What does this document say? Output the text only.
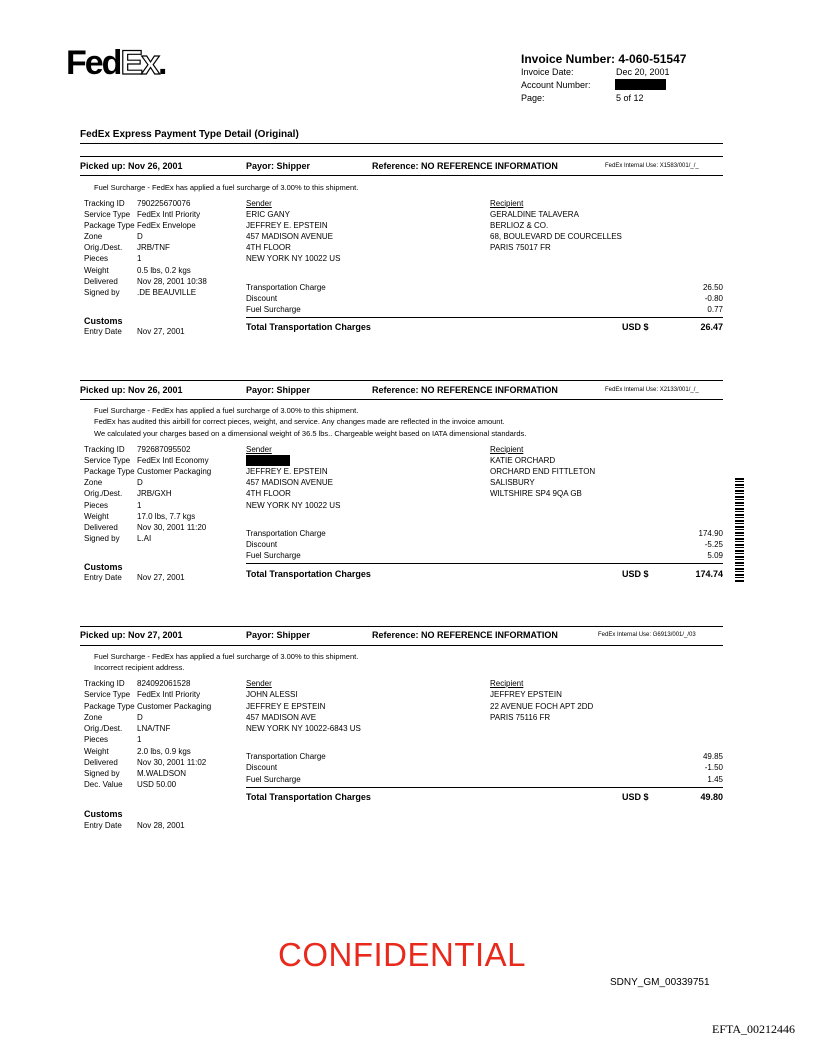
FedEx.	Invoice Number: 4-060-51547
Invoice Date:	Dec 20, 2001
Account Number:
Page:	5 of 12
FedEx Express Payment Type Detail (Original)
Picked up: Nov 26, 2001	Payor: Shipper	Reference: NO REFERENCE INFORMATION	FedEx Internal Use: X1583/001/_/_
Fuel Surcharge - FedEx has applied a fuel surcharge of 3.00% to this shipment.
Tracking ID 790225670076
Service Type FedEx Intl Priority
Package Type FedEx Envelope
Zone	D
Orig./Dest. JRB/TNF
Pieces	1
Weight	0.5 lbs, 0.2 kgs
Delivered Nov 28, 2001 10:38
Signed by .DE BEAUVILLE
Sender
ERIC GANY
JEFFREY E. EPSTEIN
457 MADISON AVENUE
4TH FLOOR
NEW YORK NY 10022 US
Recipient
GERALDINE TALAVERA
BERLIOZ & CO.
68, BOULEVARD DE COURCELLES
PARIS 75017 FR
Transportation Charge	26.50
Discount	-0.80
Fuel Surcharge	0.77
Total Transportation Charges	USD $	26.47
Customs
Entry Date Nov 27, 2001
Picked up: Nov 26, 2001	Payor: Shipper	Reference: NO REFERENCE INFORMATION	FedEx Internal Use: X2133/001/_/_
Fuel Surcharge - FedEx has applied a fuel surcharge of 3.00% to this shipment.
FedEx has audited this airbill for correct pieces, weight, and service. Any changes made are reflected in the invoice amount.
We calculated your charges based on a dimensional weight of 36.5 lbs.. Chargeable weight based on IATA dimensional standards.
Tracking ID 792687095502
Service Type FedEx Intl Economy
Package Type Customer Packaging
Zone	D
Orig./Dest. JRB/GXH
Pieces	1
Weight	17.0 lbs, 7.7 kgs
Delivered Nov 30, 2001 11:20
Signed by L.AI
Sender
JEFFREY E. EPSTEIN
457 MADISON AVENUE
4TH FLOOR
NEW YORK NY 10022 US
Recipient
KATIE ORCHARD
ORCHARD END FITTLETON
SALISBURY
WILTSHIRE SP4 9QA GB
Transportation Charge	174.90
Discount	-5.25
Fuel Surcharge	5.09
Total Transportation Charges	USD $	174.74
Customs
Entry Date Nov 27, 2001
Picked up: Nov 27, 2001	Payor: Shipper	Reference: NO REFERENCE INFORMATION	FedEx Internal Use: G6913/001/_/03
Fuel Surcharge - FedEx has applied a fuel surcharge of 3.00% to this shipment.
Incorrect recipient address.
Tracking ID 824092061528
Service Type FedEx Intl Priority
Package Type Customer Packaging
Zone	D
Orig./Dest. LNA/TNF
Pieces	1
Weight	2.0 lbs, 0.9 kgs
Delivered Nov 30, 2001 11:02
Signed by M.WALDSON
Dec. Value USD 50.00
Sender
JOHN ALESSI
JEFFREY E EPSTEIN
457 MADISON AVE
NEW YORK NY 10022-6843 US
Recipient
JEFFREY EPSTEIN
22 AVENUE FOCH APT 2DD
PARIS 75116 FR
Transportation Charge	49.85
Discount	-1.50
Fuel Surcharge	1.45
Total Transportation Charges	USD $	49.80
Customs
Entry Date Nov 28, 2001
CONFIDENTIAL
SDNY_GM_00339751
EFTA_00212446
